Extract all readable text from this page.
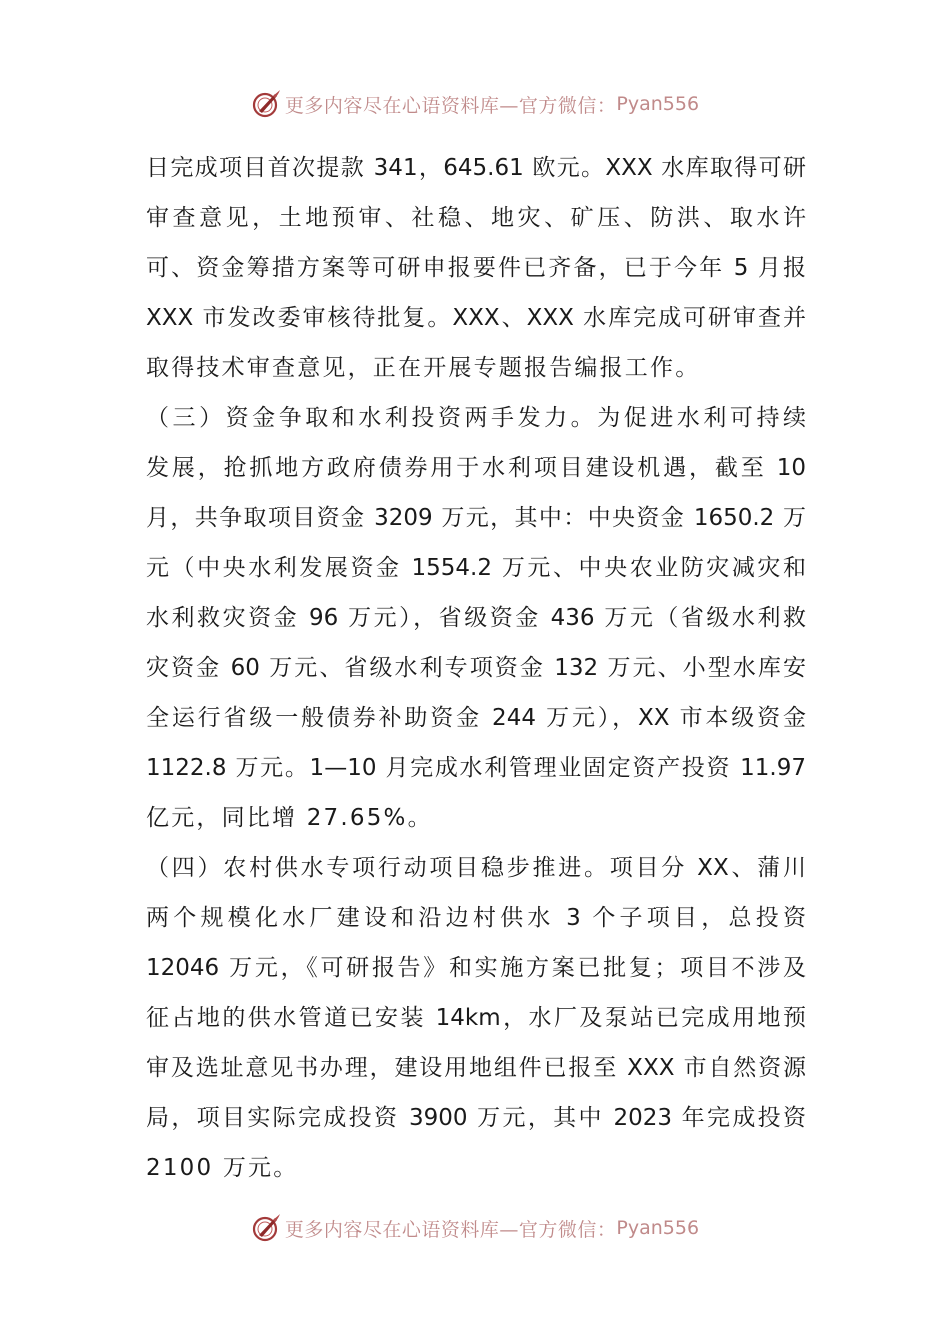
更多内容尽在心语资料库—官方微信： Pyan556
日完成项目首次提款 341，645.61 欧元。XXX 水库取得可研
审查意见，土地预审、社稳、地灾、矿压、防洪、取水许
可、资金筹措方案等可研申报要件已齐备，已于今年 5 月报
XXX 市发改委审核待批复。XXX、XXX 水库完成可研审查并
取得技术审查意见，正在开展专题报告编报工作。
（三）资金争取和水利投资两手发力。为促进水利可持续
发展，抢抓地方政府债券用于水利项目建设机遇，截至 10
月，共争取项目资金 3209 万元，其中：中央资金 1650.2 万
元（中央水利发展资金 1554.2 万元、中央农业防灾减灾和
水利救灾资金 96 万元），省级资金 436 万元（省级水利救
灾资金 60 万元、省级水利专项资金 132 万元、小型水库安
全运行省级一般债券补助资金 244 万元），XX 市本级资金
1122.8 万元。1—10 月完成水利管理业固定资产投资 11.97
亿元，同比增 27.65%。
（四）农村供水专项行动项目稳步推进。项目分 XX、蒲川
两个规模化水厂建设和沿边村供水 3 个子项目，总投资
12046 万元，《可研报告》和实施方案已批复；项目不涉及
征占地的供水管道已安装 14km，水厂及泵站已完成用地预
审及选址意见书办理，建设用地组件已报至 XXX 市自然资源
局，项目实际完成投资 3900 万元，其中 2023 年完成投资
2100 万元。
更多内容尽在心语资料库—官方微信： Pyan556
